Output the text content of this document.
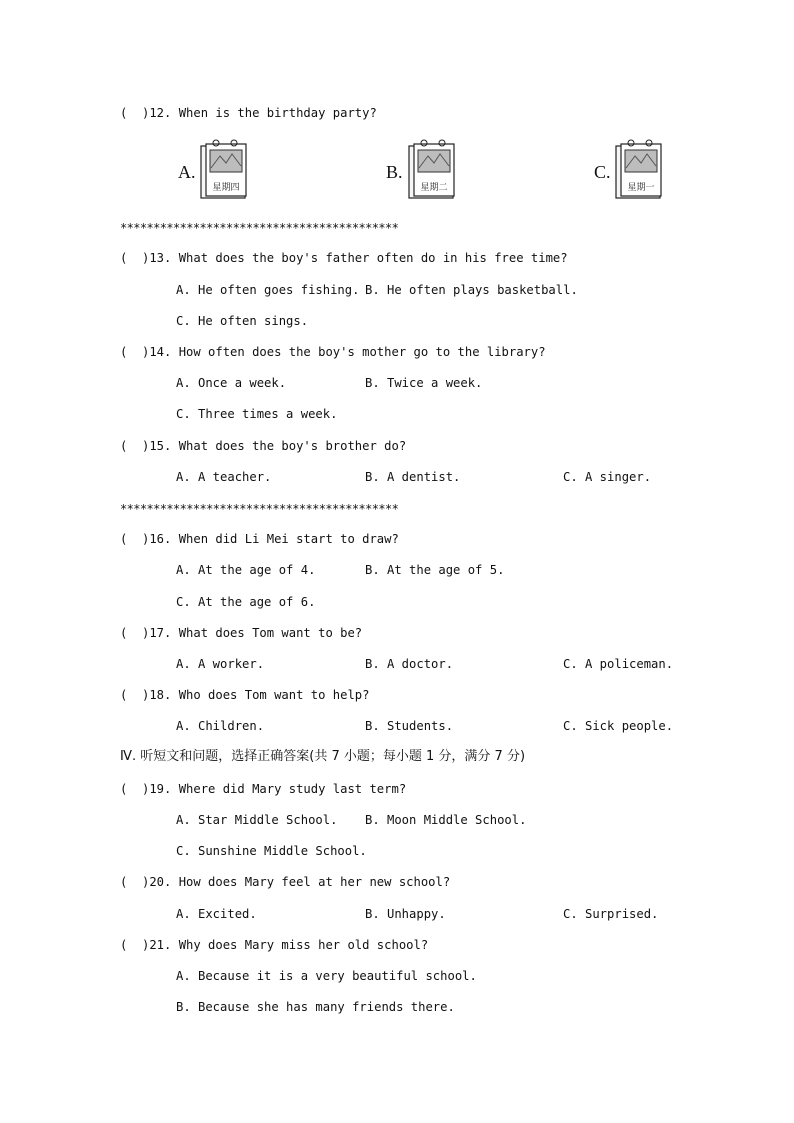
(  )12. When is the birthday party?
A.
星期四
B.
星期二
C.
星期一
******************************************
(  )13. What does the boy's father often do in his free time?
A. He often goes fishing. B. He often plays basketball.
C. He often sings.
(  )14. How often does the boy's mother go to the library?
A. Once a week.	B. Twice a week.
C. Three times a week.
(  )15. What does the boy's brother do?
A. A teacher.	B. A dentist.	C. A singer.
******************************************
(  )16. When did Li Mei start to draw?
A. At the age of 4.	B. At the age of 5.
C. At the age of 6.
(  )17. What does Tom want to be?
A. A worker.	B. A doctor.	C. A policeman.
(  )18. Who does Tom want to help?
A. Children.	B. Students.	C. Sick people.
Ⅳ. 听短文和问题，选择正确答案(共 7 小题；每小题 1 分，满分 7 分)
(  )19. Where did Mary study last term?
A. Star Middle School. B. Moon Middle School.
C. Sunshine Middle School.
(  )20. How does Mary feel at her new school?
A. Excited.	B. Unhappy.	C. Surprised.
(  )21. Why does Mary miss her old school?
A. Because it is a very beautiful school.
B. Because she has many friends there.
